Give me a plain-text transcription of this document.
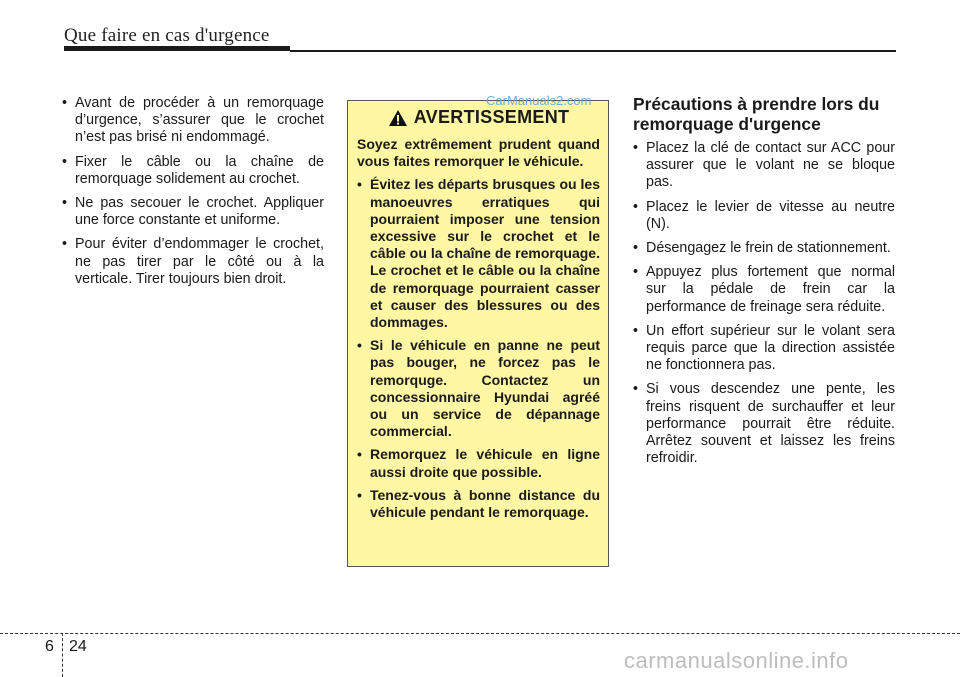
Que faire en cas d'urgence
• Avant de procéder à un remorquage d’urgence, s’assurer que le crochet n’est pas brisé ni endommagé.
• Fixer le câble ou la chaîne de remorquage solidement au crochet.
• Ne pas secouer le crochet. Appliquer une force constante et uniforme.
• Pour éviter d’endommager le crochet, ne pas tirer par le côté ou à la verticale. Tirer toujours bien droit.
AVERTISSEMENT

Soyez extrêmement prudent quand vous faites remorquer le véhicule.

• Évitez les départs brusques ou les manoeuvres erratiques qui pourraient imposer une tension excessive sur le crochet et le câble ou la chaîne de remorquage. Le crochet et le câble ou la chaîne de remorquage pourraient casser et causer des blessures ou des dommages.
• Si le véhicule en panne ne peut pas bouger, ne forcez pas le remorquge. Contactez un concessionnaire Hyundai agréé ou un service de dépannage commercial.
• Remorquez le véhicule en ligne aussi droite que possible.
• Tenez-vous à bonne distance du véhicule pendant le remorquage.
CarManuals2.com Précautions à prendre lors du remorquage d'urgence
• Placez la clé de contact sur ACC pour assurer que le volant ne se bloque pas.
• Placez le levier de vitesse au neutre (N).
• Désengagez le frein de stationnement.
• Appuyez plus fortement que normal sur la pédale de frein car la performance de freinage sera réduite.
• Un effort supérieur sur le volant sera requis parce que la direction assistée ne fonctionnera pas.
• Si vous descendez une pente, les freins risquent de surchauffer et leur performance pourrait être réduite. Arrêtez souvent et laissez les freins refroidir.
6 24
carmanualsonline.info
